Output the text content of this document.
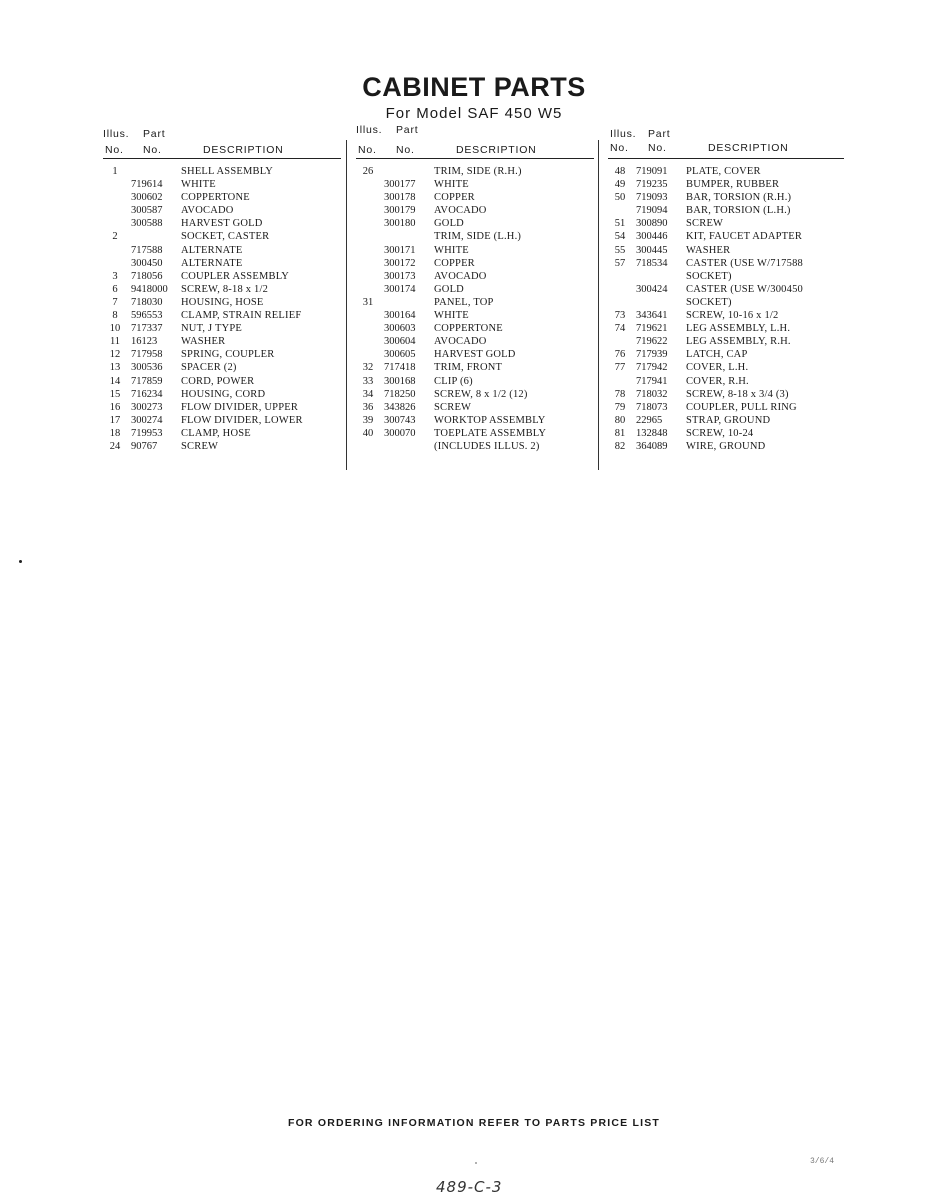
CABINET PARTS
For Model SAF 450 W5
Illus. Part
No. No.	DESCRIPTION
1	SHELL ASSEMBLY
719614 WHITE
300602 COPPERTONE
300587 AVOCADO
300588 HARVEST GOLD
2	SOCKET, CASTER
717588 ALTERNATE
300450 ALTERNATE
3	718056 COUPLER ASSEMBLY
6	9418000 SCREW, 8-18 x 1/2
7	718030 HOUSING, HOSE
8	596553 CLAMP, STRAIN RELIEF
10	717337 NUT, J TYPE
11	16123 WASHER
12	717958 SPRING, COUPLER
13	300536 SPACER (2)
14	717859 CORD, POWER
15	716234 HOUSING, CORD
16	300273 FLOW DIVIDER, UPPER
17	300274 FLOW DIVIDER, LOWER
18	719953 CLAMP, HOSE
24	90767 SCREW
Illus. Part
No. No.	DESCRIPTION
26	TRIM, SIDE (R.H.)
300177 WHITE
300178 COPPER
300179 AVOCADO
300180 GOLD
TRIM, SIDE (L.H.)
300171 WHITE
300172 COPPER
300173 AVOCADO
300174 GOLD
31	PANEL, TOP
300164 WHITE
300603 COPPERTONE
300604 AVOCADO
300605 HARVEST GOLD
32	717418 TRIM, FRONT
33	300168 CLIP (6)
34	718250 SCREW, 8 x 1/2 (12)
36	343826 SCREW
39	300743 WORKTOP ASSEMBLY
40	300070 TOEPLATE ASSEMBLY
(INCLUDES ILLUS. 2)
Illus. Part
No. No.	DESCRIPTION
48	719091 PLATE, COVER
49	719235 BUMPER, RUBBER
50	719093 BAR, TORSION (R.H.)
719094 BAR, TORSION (L.H.)
51	300890 SCREW
54	300446 KIT, FAUCET ADAPTER
55	300445 WASHER
57	718534 CASTER (USE W/717588
SOCKET)
300424 CASTER (USE W/300450
SOCKET)
73	343641 SCREW, 10-16 x 1/2
74	719621 LEG ASSEMBLY, L.H.
719622 LEG ASSEMBLY, R.H.
76	717939 LATCH, CAP
77	717942 COVER, L.H.
717941 COVER, R.H.
78	718032 SCREW, 8-18 x 3/4 (3)
79	718073 COUPLER, PULL RING
80	22965 STRAP, GROUND
81	132848 SCREW, 10-24
82	364089 WIRE, GROUND
FOR ORDERING INFORMATION REFER TO PARTS PRICE LIST
3/6/4
489-C-3
